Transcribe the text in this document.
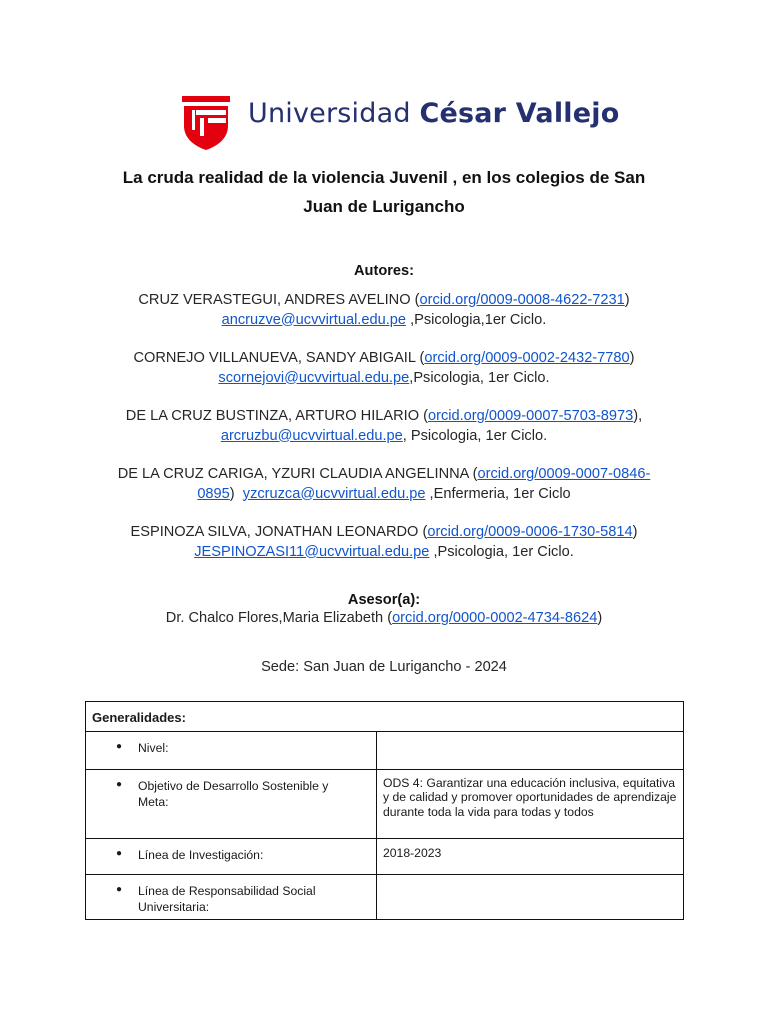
Universidad César Vallejo
La cruda realidad de la violencia Juvenil , en los colegios de San
Juan de Lurigancho
Autores:
CRUZ VERASTEGUI, ANDRES AVELINO (orcid.org/0009-0008-4622-7231)
ancruzve@ucvvirtual.edu.pe ,Psicologia,1er Ciclo.
CORNEJO VILLANUEVA, SANDY ABIGAIL (orcid.org/0009-0002-2432-7780)
scornejovi@ucvvirtual.edu.pe,Psicologia, 1er Ciclo.
DE LA CRUZ BUSTINZA, ARTURO HILARIO (orcid.org/0009-0007-5703-8973),
arcruzbu@ucvvirtual.edu.pe, Psicologia, 1er Ciclo.
DE LA CRUZ CARIGA, YZURI CLAUDIA ANGELINNA (orcid.org/0009-0007-0846-
0895)  yzcruzca@ucvvirtual.edu.pe ,Enfermeria, 1er Ciclo
ESPINOZA SILVA, JONATHAN LEONARDO (orcid.org/0009-0006-1730-5814)
JESPINOZASI11@ucvvirtual.edu.pe ,Psicologia, 1er Ciclo.
Asesor(a):
Dr. Chalco Flores,Maria Elizabeth (orcid.org/0000-0002-4734-8624)
Sede: San Juan de Lurigancho - 2024
Generalidades:	

● Nivel:	

● Objetivo de Desarrollo Sostenible y Meta:	ODS 4: Garantizar una educación inclusiva, equitativa y de calidad y promover oportunidades de aprendizaje durante toda la vida para todas y todos

● Línea de Investigación:	2018-2023

● Línea de Responsabilidad Social Universitaria:	
